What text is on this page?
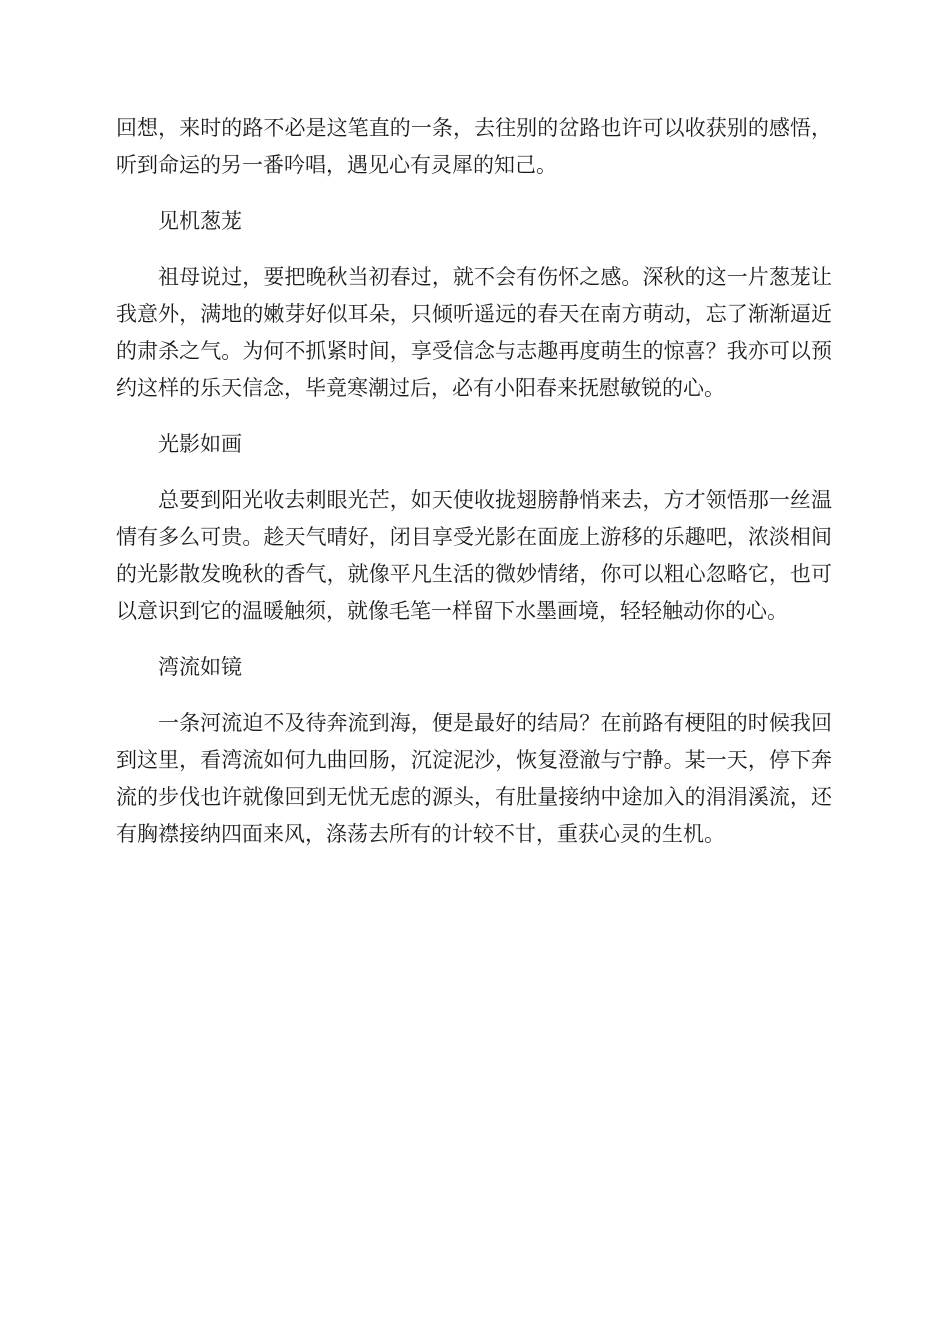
回想，来时的路不必是这笔直的一条，去往别的岔路也许可以收获别的感悟，听到命运的另一番吟唱，遇见心有灵犀的知己。

见机葱茏

祖母说过，要把晚秋当初春过，就不会有伤怀之感。深秋的这一片葱茏让我意外，满地的嫩芽好似耳朵，只倾听遥远的春天在南方萌动，忘了渐渐逼近的肃杀之气。为何不抓紧时间，享受信念与志趣再度萌生的惊喜？我亦可以预约这样的乐天信念，毕竟寒潮过后，必有小阳春来抚慰敏锐的心。

光影如画

总要到阳光收去刺眼光芒，如天使收拢翅膀静悄来去，方才领悟那一丝温情有多么可贵。趁天气晴好，闭目享受光影在面庞上游移的乐趣吧，浓淡相间的光影散发晚秋的香气，就像平凡生活的微妙情绪，你可以粗心忽略它，也可以意识到它的温暖触须，就像毛笔一样留下水墨画境，轻轻触动你的心。

湾流如镜

一条河流迫不及待奔流到海，便是最好的结局？在前路有梗阻的时候我回到这里，看湾流如何九曲回肠，沉淀泥沙，恢复澄澈与宁静。某一天，停下奔流的步伐也许就像回到无忧无虑的源头，有肚量接纳中途加入的涓涓溪流，还有胸襟接纳四面来风，涤荡去所有的计较不甘，重获心灵的生机。
